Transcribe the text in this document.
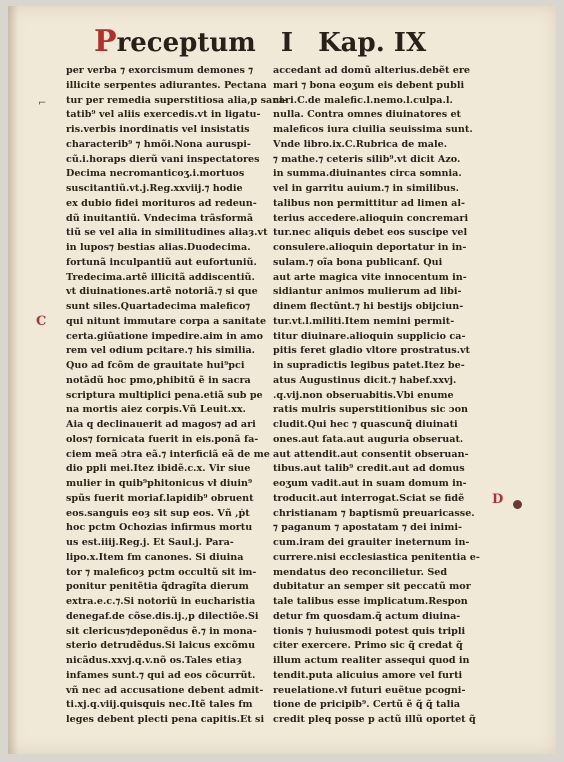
Preceptum I Kap. IX
⌐
C
D
per verba ⁊ exorcismum demones ⁊
illicite serpentes adiurantes. Pectana
tur per remedia superstitiosa alia,p sani-
tatib⁹ vel aliis exercedis.vt in ligatu-
ris.verbis inordinatis vel insistatis
characterib⁹ ⁊ hmõi.Nona auruspi-
cũ.i.horaps dierũ vani inspectatores
Decima necromanticoʒ.i.mortuos
suscitantiũ.vt.j.Reg.xxviij.⁊ hodie
ex dubio fidei morituros ad redeun-
dũ inuitantiũ. Vndecima trãsformã
tiũ se vel alia in similitudines aliaȝ.vt
in lupos⁊ bestias alias.Duodecima.
fortunã inculpantiũ aut eufortuniũ.
Tredecima.artẽ illicitã addiscentiũ.
vt diuinationes.artẽ notoriã.⁊ si que
sunt siles.Quartadecima malefico⁊
qui nitunt immutare corpa a sanitate
certa.giũatione impedire.aim in amo
rem vel odium pcitare.⁊ his similia.
Quo ad fcõm de grauitate hui⁹pci
notãdũ hoc pmo,phibitũ ẽ in sacra
scriptura multiplici pena.etiã sub pe
na mortis aiez corpis.Vñ Leuit.xx.
Aia q declinauerit ad magos⁊ ad ari
olos⁊ fornicata fuerit in eis.ponã fa-
ciem meã ɔtra eã.⁊ interficiã eã de me
dio ppli mei.Itez ibidẽ.c.x. Vir siue
mulier in quib⁹phitonicus vł diuin⁹
spũs fuerit moriaf.lapidib⁹ obruent
eos.sanguis eoȝ sit sup eos. Vñ ,ṗt
hoc pctm Ochozias infirmus mortu
us est.iiij.Reg.j. Et Saul.j. Para-
lipo.x.Item fm canones. Si diuina
tor ⁊ maleficoȝ pctm occultũ sit im-
ponitur penitẽtia q̃dragĩta dierum
extra.e.c.⁊.Si notoriũ in eucharistia
denegaf.de cõse.dis.ij.,p dilectiõe.Si
sit clericus⁊deponẽdus ẽ.⁊ in mona-
sterio detrudẽdus.Si laicus excõmu
nicãdus.xxvj.q.v.nõ os.Tales etiaȝ
infames sunt.⁊ qui ad eos cõcurrũt.
vñ nec ad accusatione debent admit-
ti.xj.q.viij.quisquis nec.Itẽ tales fm
leges debent plecti pena capitis.Et si
accedant ad domũ alterius.debẽt ere
mari ⁊ bona eoʒum eis debent publi
cari.C.de malefic.l.nemo.l.culpa.l.
nulla. Contra omnes diuinatores et
maleficos iura ciuilia seuissima sunt.
Vnde libro.ix.C.Rubrica de male.
⁊ mathe.⁊ ceteris silib⁹.vt dicit Azo.
in summa.diuinantes circa somnia.
vel in garritu auium.⁊ in similibus.
talibus non permittitur ad limen al-
terius accedere.alioquin concremari
tur.nec aliquis debet eos suscipe vel
consulere.alioquin deportatur in in-
sulam.⁊ oĩa bona publicanf. Qui
aut arte magica vite innocentum in-
sidiantur animos mulierum ad libi-
dinem flectũnt.⁊ hi bestijs obijciun-
tur.vt.l.militi.Item nemini permit-
titur diuinare.alioquin supplicio ca-
pitis feret gladio vltore prostratus.vt
in supradictis legibus patet.Itez be-
atus Augustinus dicit.⁊ habef.xxvj.
.q.vij.non obseruabitis.Vbi enume
ratis mulris superstitionibus sic ɔon
cludit.Qui hec ⁊ quascunq̃ diuinati
ones.aut fata.aut auguria obseruat.
aut attendit.aut consentit obseruan-
tibus.aut talib⁹ credit.aut ad domus
eoʒum vadit.aut in suam domum in-
troducit.aut interrogat.Sciat se fidẽ
christianam ⁊ baptismũ preuaricasse.
⁊ paganum ⁊ apostatam ⁊ dei inimi-
cum.iram dei grauiter ineternum in-
currere.nisi ecclesiastica penitentia e-
mendatus deo reconcilietur. Sed
dubitatur an semper sit peccatũ mor
tale talibus esse implicatum.Respon
detur fm quosdam.q̃ actum diuina-
tionis ⁊ huiusmodi potest quis tripli
citer exercere. Primo sic q̃ credat q̃
illum actum realiter assequi quod in
tendit.puta alicuius amore vel furti
reuelatione.vł futuri euẽtue pcogni-
tione de pricipib⁹. Certũ ẽ q̃ q̃ talia
credit pleq posse p actũ illũ oportet q̃
